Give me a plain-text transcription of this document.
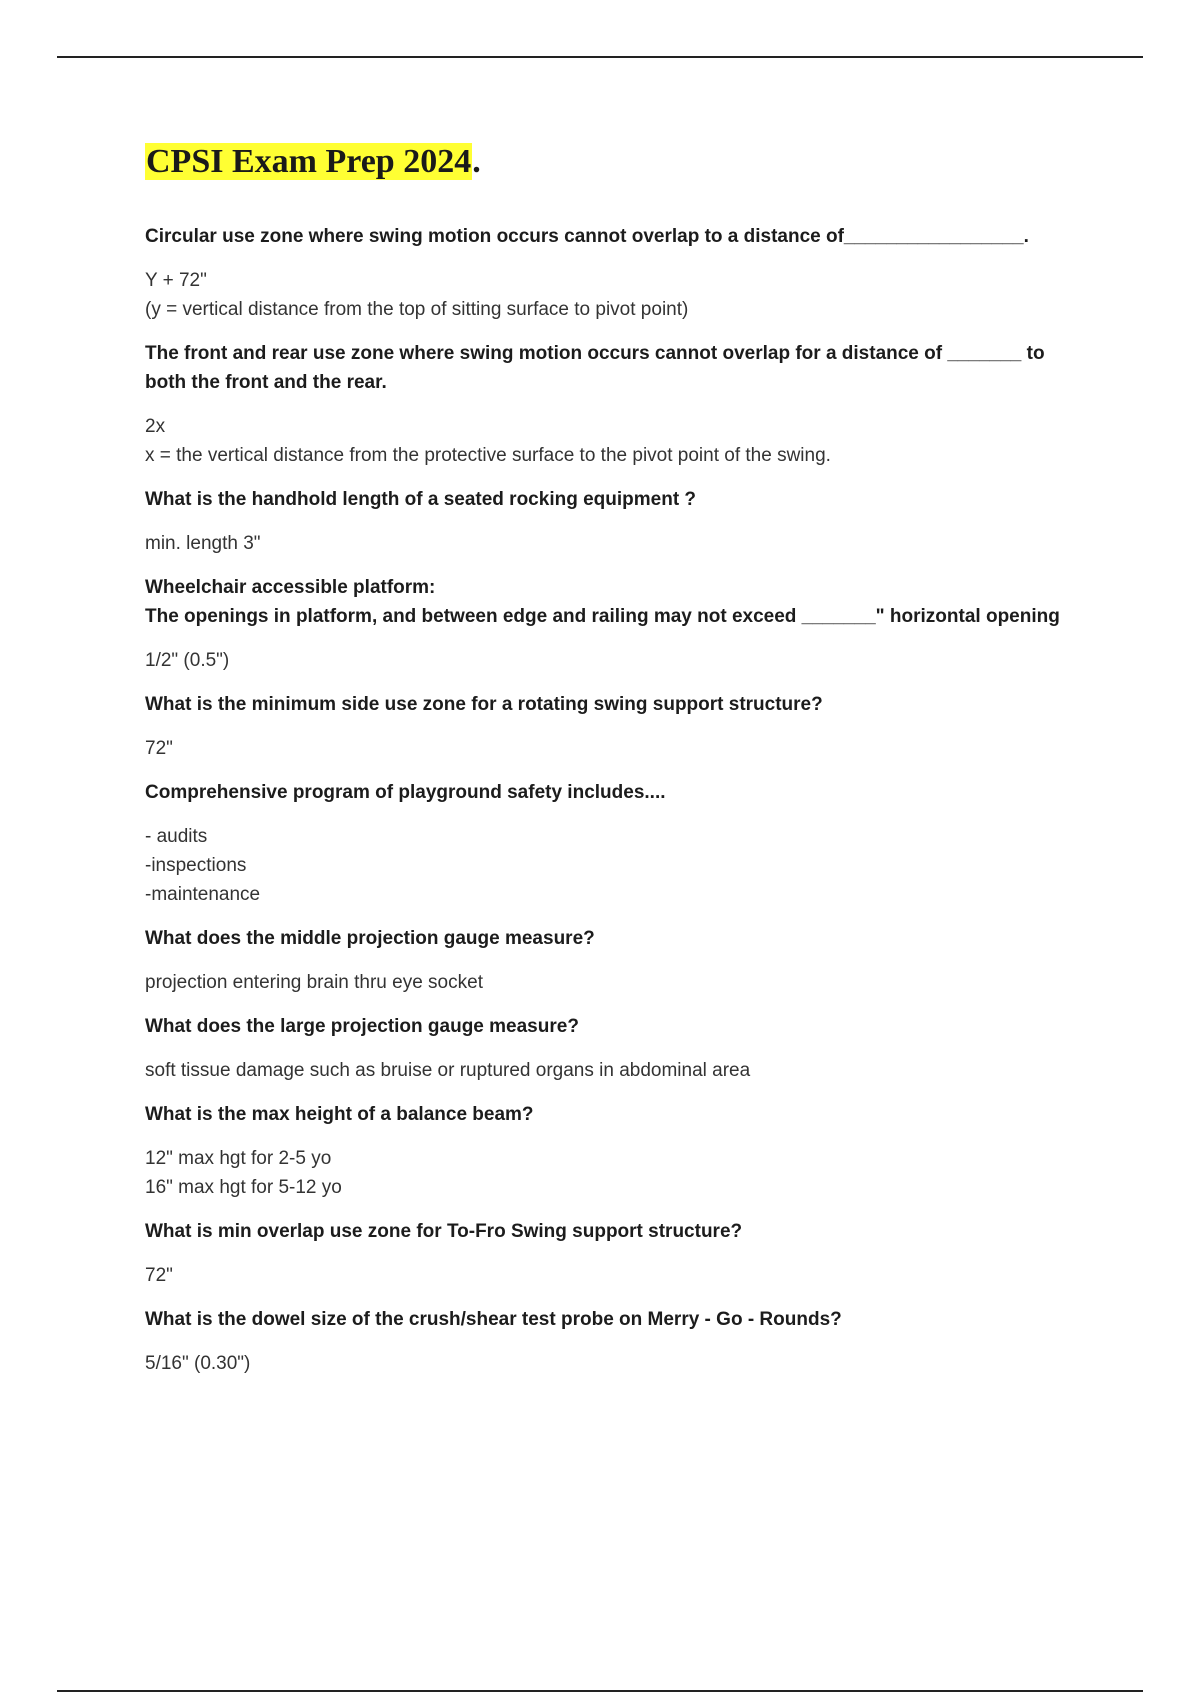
CPSI Exam Prep 2024.
Circular use zone where swing motion occurs cannot overlap to a distance of_________________.
Y + 72"
(y = vertical distance from the top of sitting surface to pivot point)
The front and rear use zone where swing motion occurs cannot overlap for a distance of _______ to both the front and the rear.
2x
x = the vertical distance from the protective surface to the pivot point of the swing.
What is the handhold length of a seated rocking equipment ?
min. length 3"
Wheelchair accessible platform:
The openings in platform, and between edge and railing may not exceed _______" horizontal opening
1/2" (0.5")
What is the minimum side use zone for a rotating swing support structure?
72"
Comprehensive program of playground safety includes....
- audits
-inspections
-maintenance
What does the middle projection gauge measure?
projection entering brain thru eye socket
What does the large projection gauge measure?
soft tissue damage such as bruise or ruptured organs in abdominal area
What is the max height of a balance beam?
12" max hgt for 2-5 yo
16" max hgt for 5-12 yo
What is min overlap use zone for To-Fro Swing support structure?
72"
What is the dowel size of the crush/shear test probe on Merry - Go - Rounds?
5/16" (0.30")
